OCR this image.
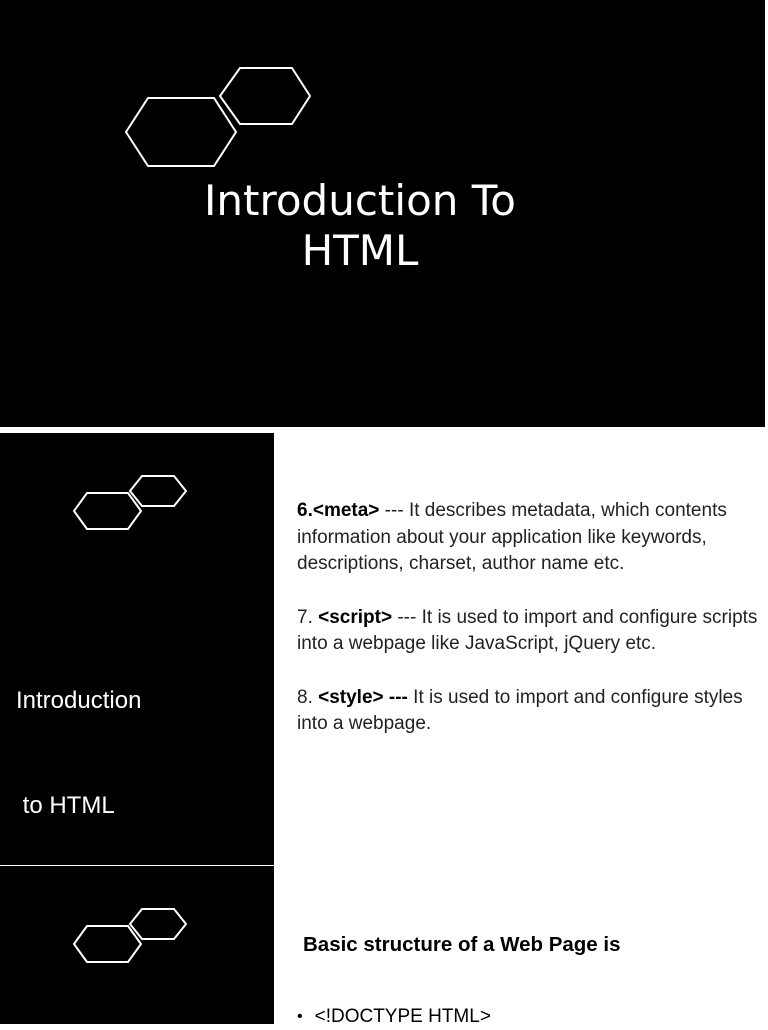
Introduction To
HTML

Introduction

to HTML

6.<meta> --- It describes metadata, which contents information about your application like keywords, descriptions, charset, author name etc.

7. <script> --- It is used to import and configure scripts into a webpage like JavaScript, jQuery etc.

8. <style> --- It is used to import and configure styles into a webpage.

Basic structure of a Web Page is
• <!DOCTYPE HTML>
